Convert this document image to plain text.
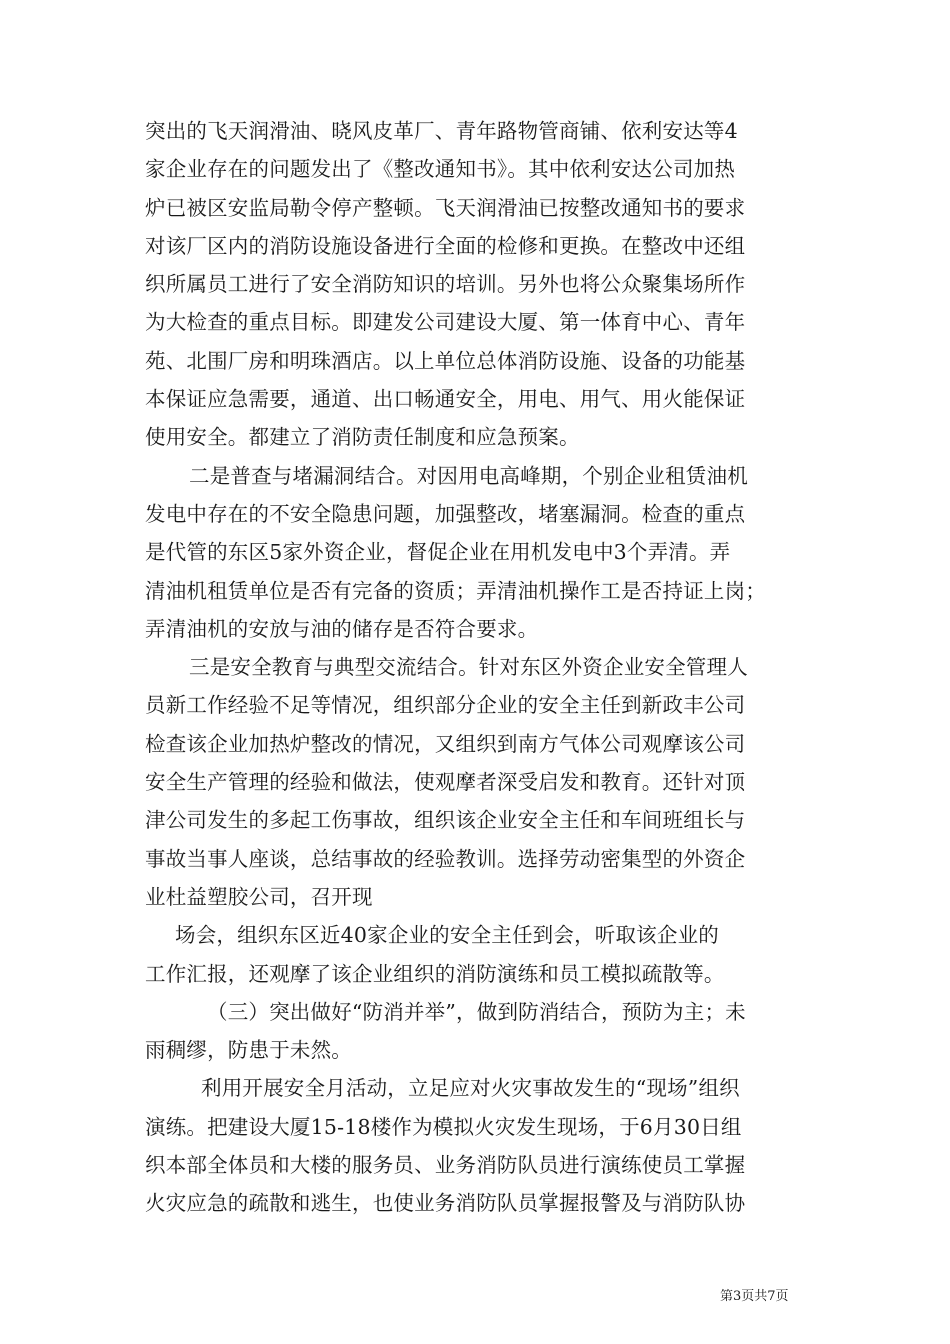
突出的飞天润滑油、晓风皮革厂、青年路物管商铺、依利安达等4
家企业存在的问题发出了《整改通知书》。其中依利安达公司加热
炉已被区安监局勒令停产整顿。飞天润滑油已按整改通知书的要求
对该厂区内的消防设施设备进行全面的检修和更换。在整改中还组
织所属员工进行了安全消防知识的培训。另外也将公众聚集场所作
为大检查的重点目标。即建发公司建设大厦、第一体育中心、青年
苑、北围厂房和明珠酒店。以上单位总体消防设施、设备的功能基
本保证应急需要，通道、出口畅通安全，用电、用气、用火能保证
使用安全。都建立了消防责任制度和应急预案。
二是普查与堵漏洞结合。对因用电高峰期，个别企业租赁油机
发电中存在的不安全隐患问题，加强整改，堵塞漏洞。检查的重点
是代管的东区5家外资企业，督促企业在用机发电中3个弄清。弄
清油机租赁单位是否有完备的资质；弄清油机操作工是否持证上岗；
弄清油机的安放与油的储存是否符合要求。
三是安全教育与典型交流结合。针对东区外资企业安全管理人
员新工作经验不足等情况，组织部分企业的安全主任到新政丰公司
检查该企业加热炉整改的情况，又组织到南方气体公司观摩该公司
安全生产管理的经验和做法，使观摩者深受启发和教育。还针对顶
津公司发生的多起工伤事故，组织该企业安全主任和车间班组长与
事故当事人座谈，总结事故的经验教训。选择劳动密集型的外资企
业杜益塑胶公司，召开现
场会，组织东区近40家企业的安全主任到会，听取该企业的
工作汇报，还观摩了该企业组织的消防演练和员工模拟疏散等。
（三）突出做好“防消并举”，做到防消结合，预防为主；未
雨稠缪，防患于未然。
利用开展安全月活动，立足应对火灾事故发生的“现场”组织
演练。把建设大厦15-18楼作为模拟火灾发生现场，于6月30日组
织本部全体员和大楼的服务员、业务消防队员进行演练使员工掌握
火灾应急的疏散和逃生，也使业务消防队员掌握报警及与消防队协
第3页共7页
